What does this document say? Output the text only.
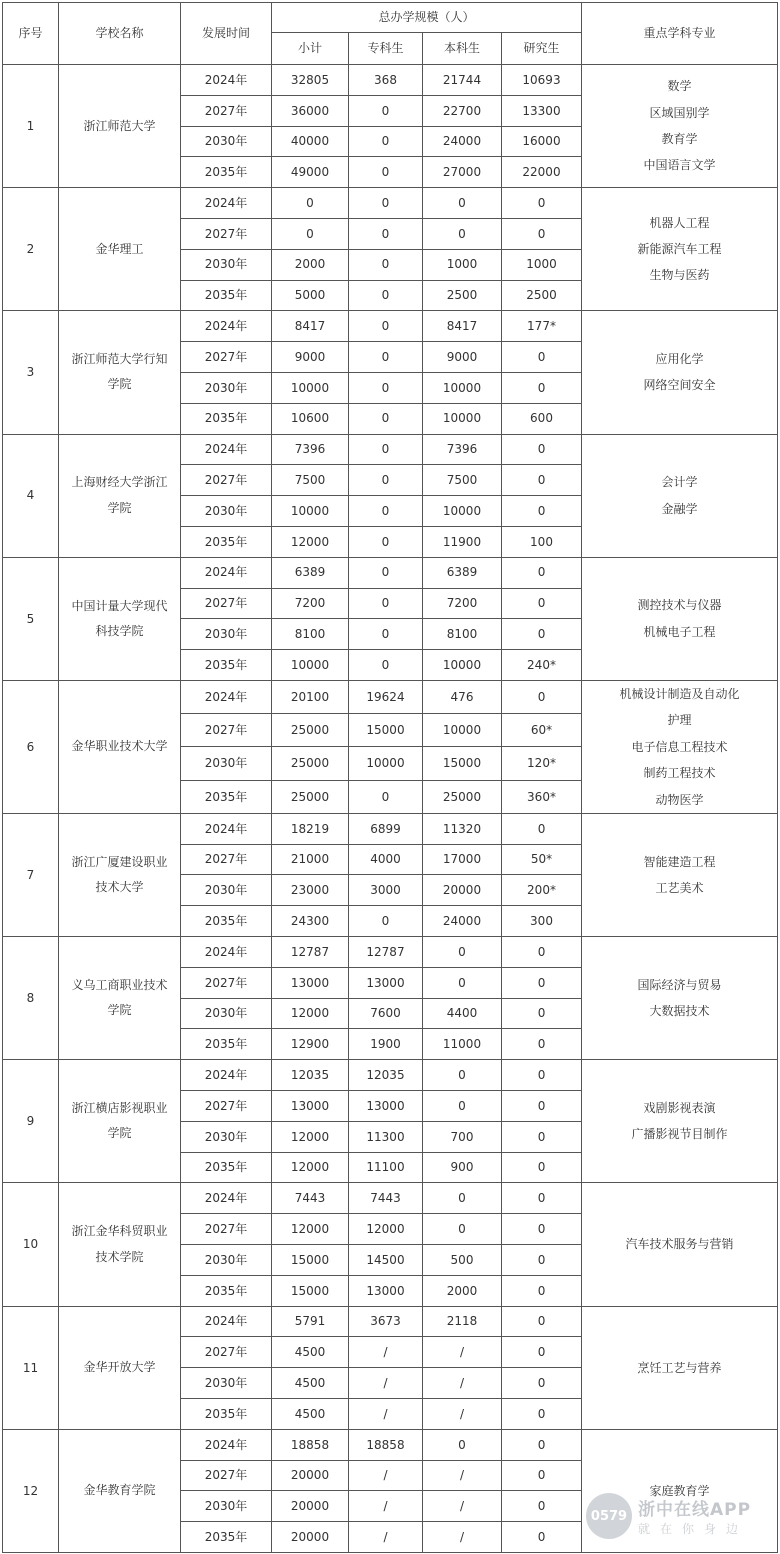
序号	学校名称	发展时间	总办学规模（人）				重点学科专业
			小计	专科生	本科生	研究生	
1	浙江师范大学	2024年	32805	368	21744	10693	数学
区域国别学
教育学
中国语言文学

		2027年	36000	0	22700	13300	
		2030年	40000	0	24000	16000	
		2035年	49000	0	27000	22000	
2	金华理工	2024年	0	0	0	0	机器人工程
新能源汽车工程
生物与医药

		2027年	0	0	0	0	
		2030年	2000	0	1000	1000	
		2035年	5000	0	2500	2500	
3	浙江师范大学行知学院	2024年	8417	0	8417	177*	应用化学
网络空间安全

		2027年	9000	0	9000	0	
		2030年	10000	0	10000	0	
		2035年	10600	0	10000	600	
4	上海财经大学浙江学院	2024年	7396	0	7396	0	会计学
金融学

		2027年	7500	0	7500	0	
		2030年	10000	0	10000	0	
		2035年	12000	0	11900	100	
5	中国计量大学现代科技学院	2024年	6389	0	6389	0	测控技术与仪器
机械电子工程

		2027年	7200	0	7200	0	
		2030年	8100	0	8100	0	
		2035年	10000	0	10000	240*	
6	金华职业技术大学	2024年	20100	19624	476	0	机械设计制造及自动化
护理
电子信息工程技术
制药工程技术
动物医学

		2027年	25000	15000	10000	60*	
		2030年	25000	10000	15000	120*	
		2035年	25000	0	25000	360*	
7	浙江广厦建设职业技术大学	2024年	18219	6899	11320	0	智能建造工程
工艺美术

		2027年	21000	4000	17000	50*	
		2030年	23000	3000	20000	200*	
		2035年	24300	0	24000	300	
8	义乌工商职业技术学院	2024年	12787	12787	0	0	国际经济与贸易
大数据技术

		2027年	13000	13000	0	0	
		2030年	12000	7600	4400	0	
		2035年	12900	1900	11000	0	
9	浙江横店影视职业学院	2024年	12035	12035	0	0	戏剧影视表演
广播影视节目制作

		2027年	13000	13000	0	0	
		2030年	12000	11300	700	0	
		2035年	12000	11100	900	0	
10	浙江金华科贸职业技术学院	2024年	7443	7443	0	0	汽车技术服务与营销

		2027年	12000	12000	0	0	
		2030年	15000	14500	500	0	
		2035年	15000	13000	2000	0	
11	金华开放大学	2024年	5791	3673	2118	0	烹饪工艺与营养

		2027年	4500	/	/	0	
		2030年	4500	/	/	0	
		2035年	4500	/	/	0	
12	金华教育学院	2024年	18858	18858	0	0	家庭教育学

		2027年	20000	/	/	0	
		2030年	20000	/	/	0	
		2035年	20000	/	/	0	
0579 浙中在线APP
就在你身边
